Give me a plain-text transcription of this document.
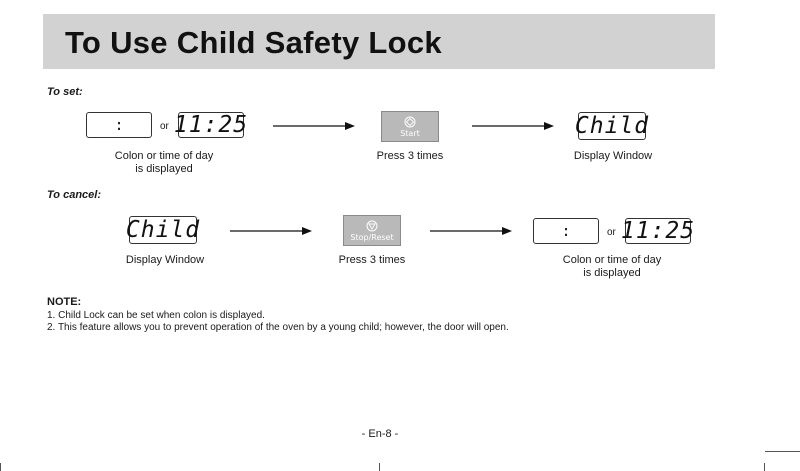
To Use Child Safety Lock
To set:
:	or 11:25
Colon or time of day
is displayed
Start
Press 3 times
Child
Display Window
To cancel:
Child
Display Window
Stop/Reset
Press 3 times
:	or 11:25
Colon or time of day
is displayed
NOTE:
1. Child Lock can be set when colon is displayed.
2. This feature allows you to prevent operation of the oven by a young child; however, the door will open.
- En-8 -
